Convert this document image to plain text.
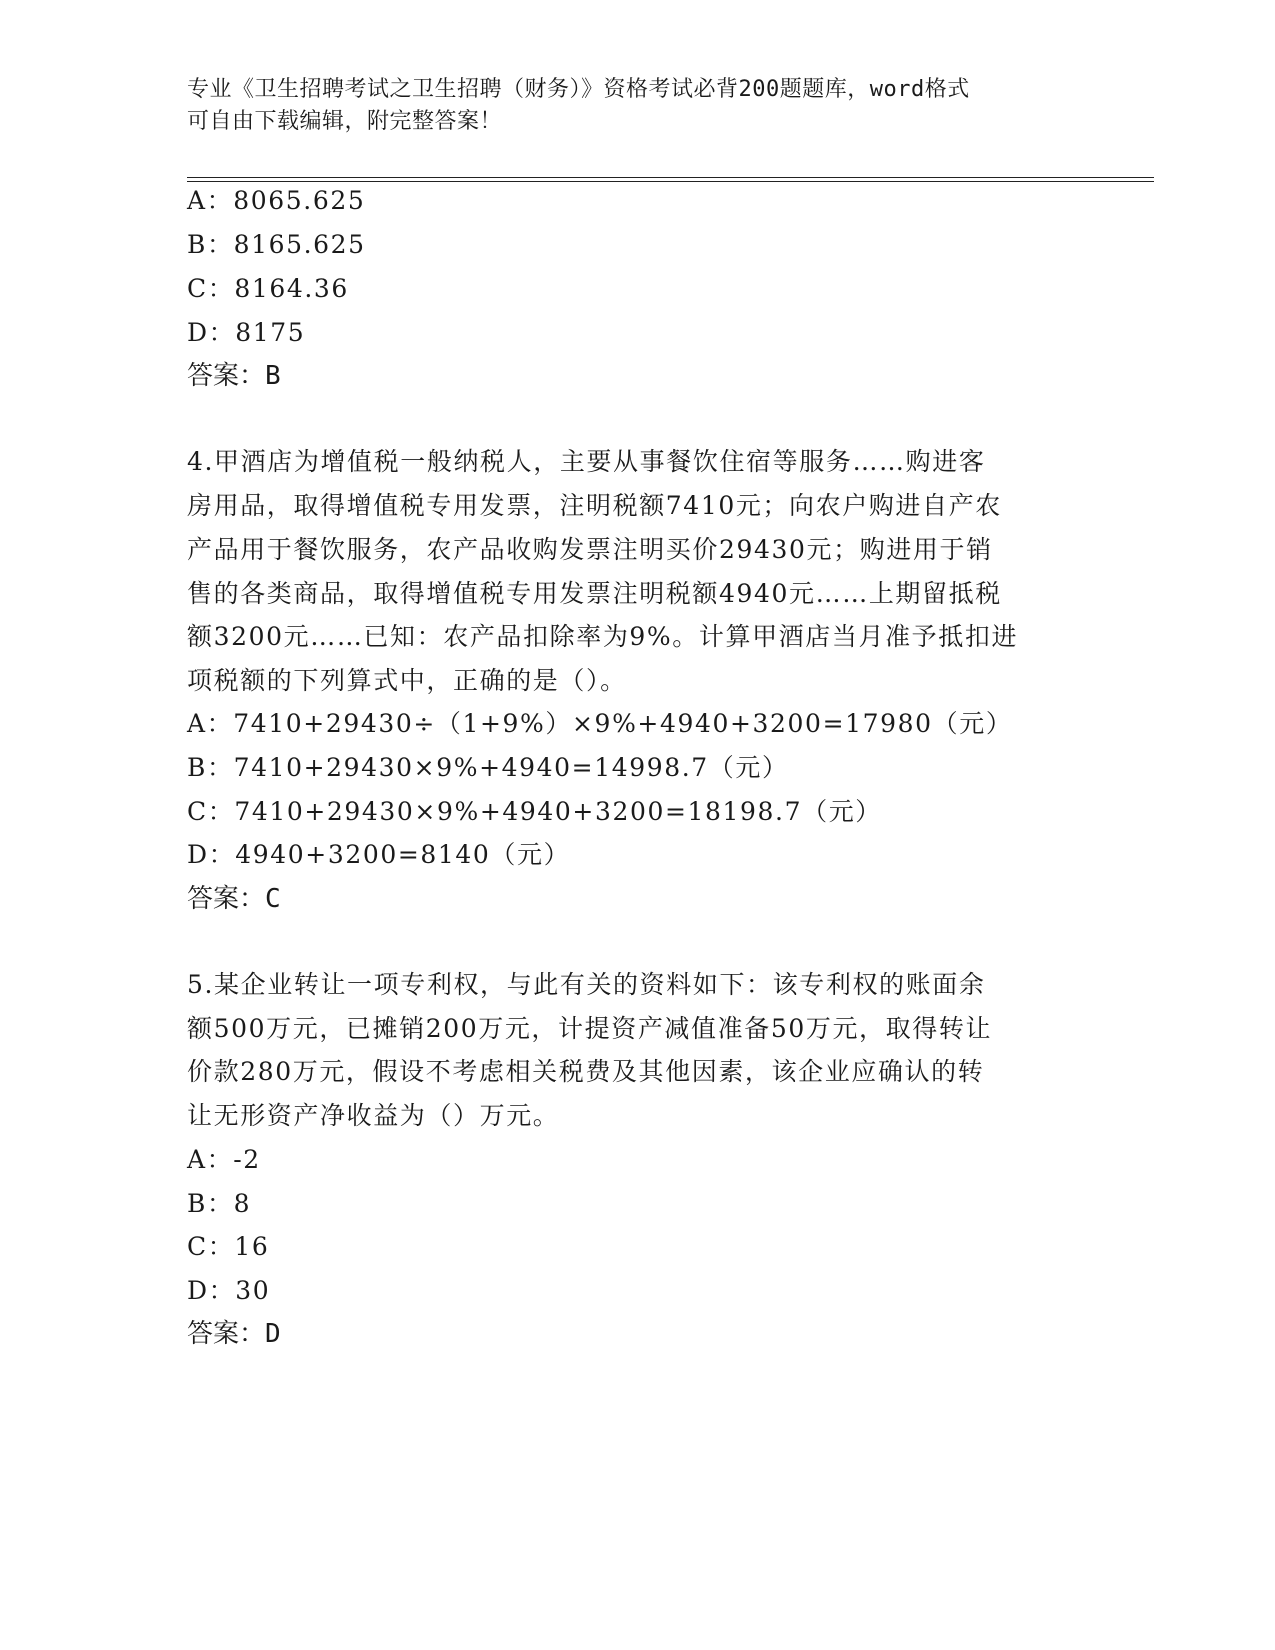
专业《卫生招聘考试之卫生招聘（财务）》资格考试必背200题题库，word格式
可自由下载编辑，附完整答案！
A：8065.625
B：8165.625
C：8164.36
D：8175
答案：B
4.甲酒店为增值税一般纳税人，主要从事餐饮住宿等服务……购进客
房用品，取得增值税专用发票，注明税额7410元；向农户购进自产农
产品用于餐饮服务，农产品收购发票注明买价29430元；购进用于销
售的各类商品，取得增值税专用发票注明税额4940元……上期留抵税
额3200元……已知：农产品扣除率为9%。计算甲酒店当月准予抵扣进
项税额的下列算式中，正确的是（）。
A：7410+29430÷（1+9%）×9%+4940+3200=17980（元）
B：7410+29430×9%+4940=14998.7（元）
C：7410+29430×9%+4940+3200=18198.7（元）
D：4940+3200=8140（元）
答案：C
5.某企业转让一项专利权，与此有关的资料如下：该专利权的账面余
额500万元，已摊销200万元，计提资产减值准备50万元，取得转让
价款280万元，假设不考虑相关税费及其他因素，该企业应确认的转
让无形资产净收益为（）万元。
A：-2
B：8
C：16
D：30
答案：D
